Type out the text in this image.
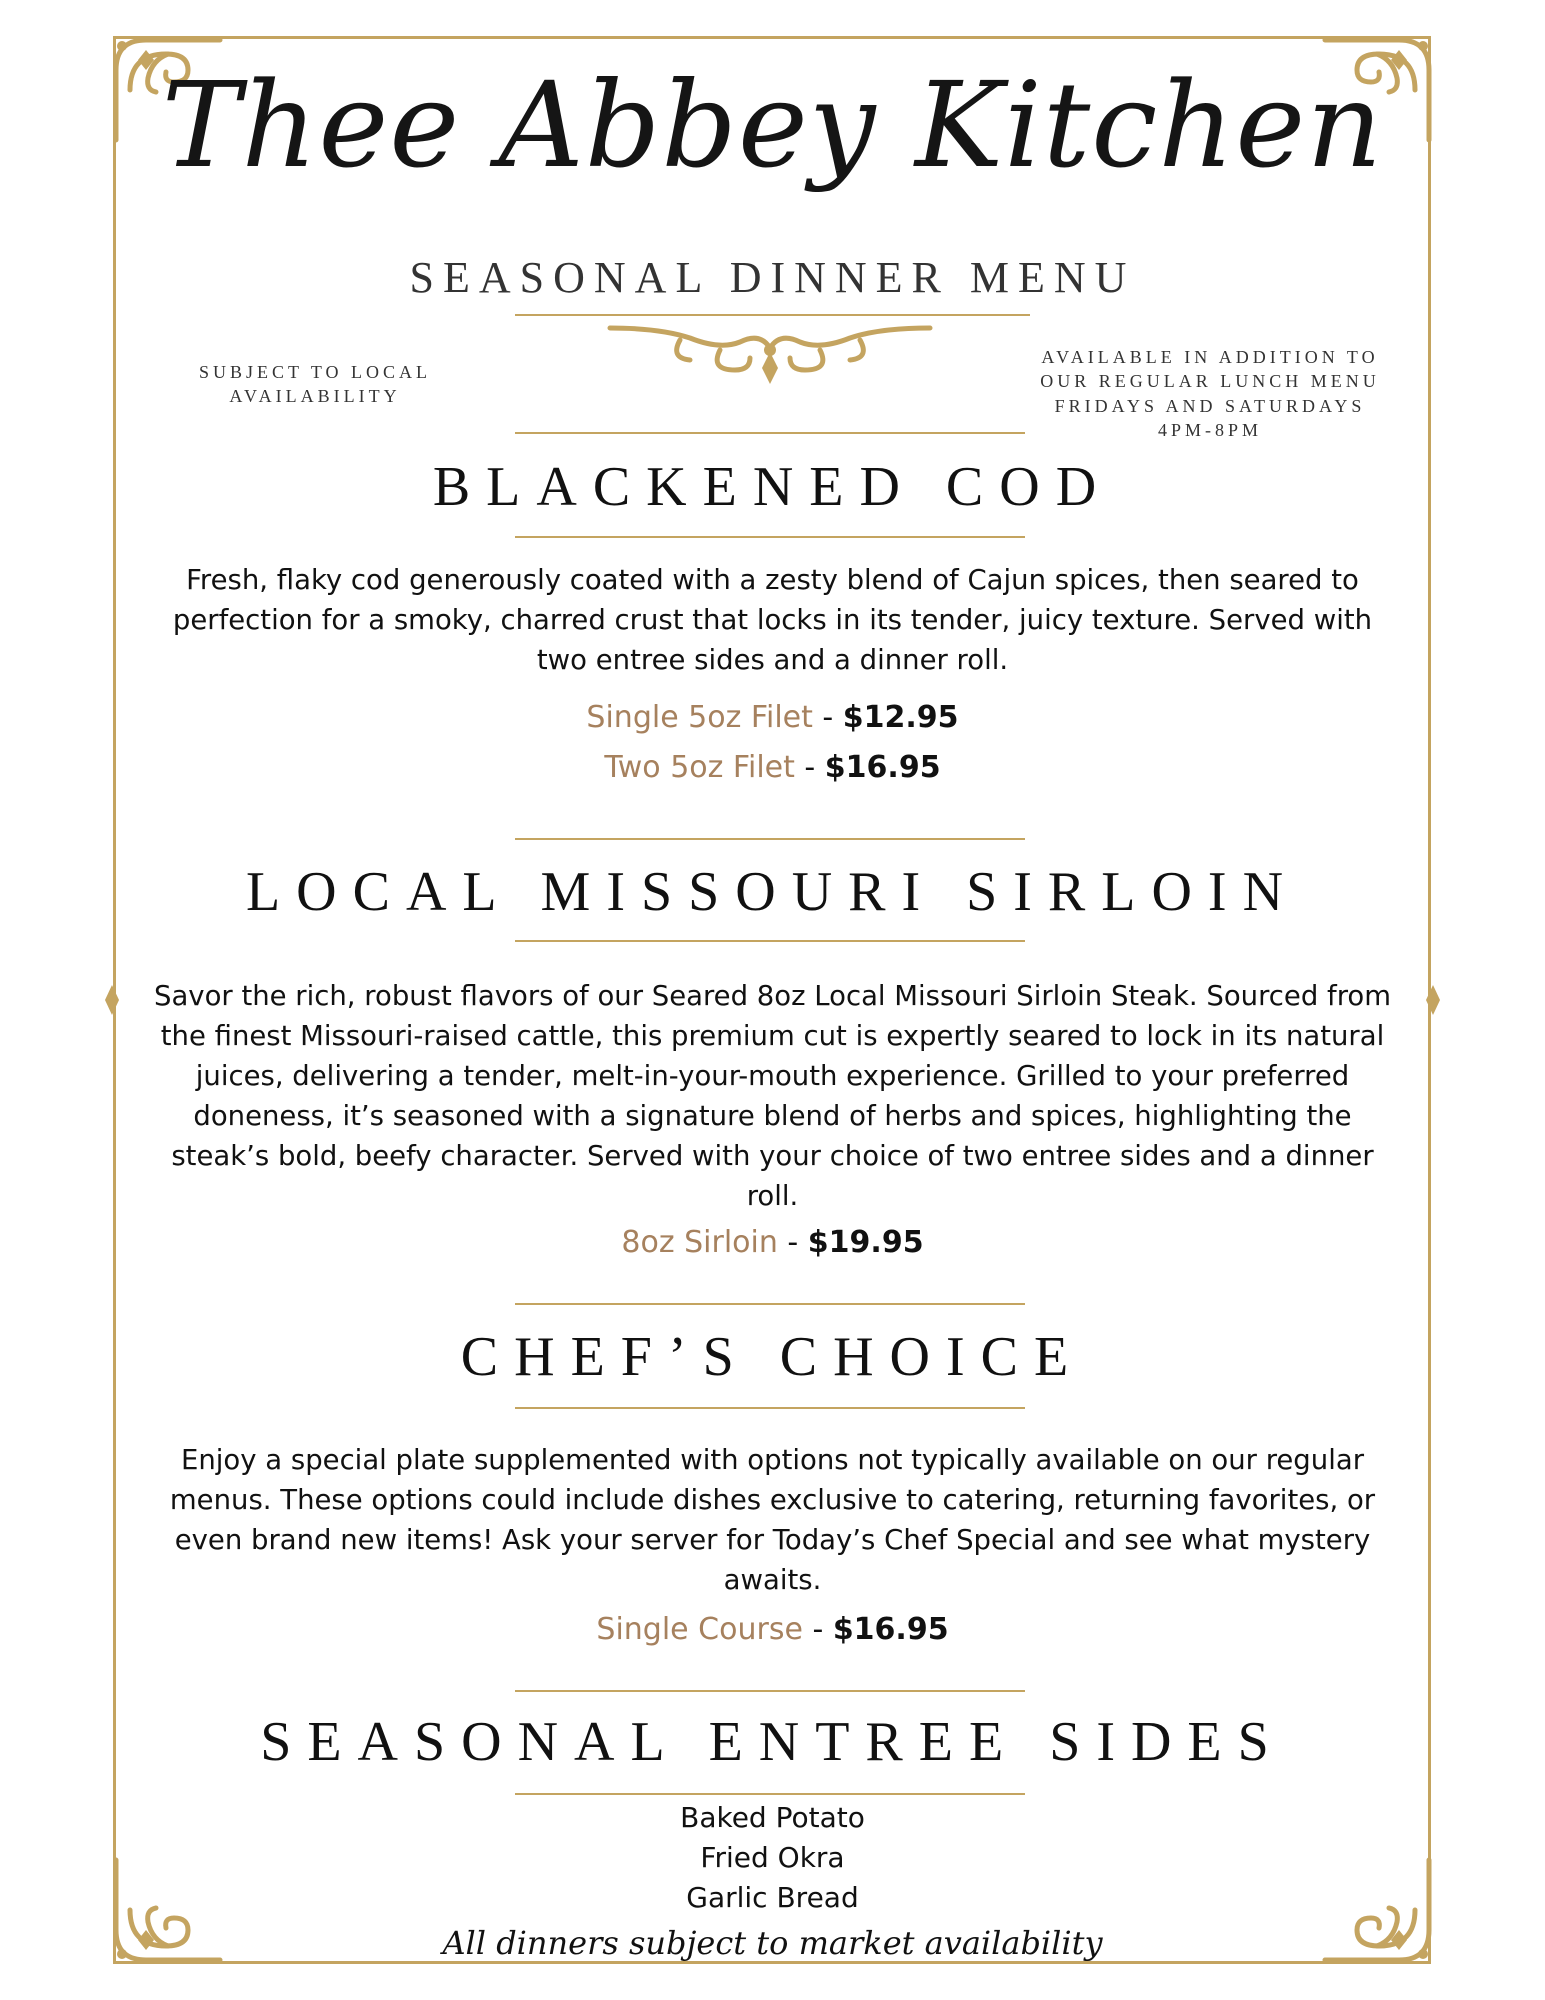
Thee Abbey Kitchen
SEASONAL DINNER MENU
SUBJECT TO LOCAL AVAILABILITY
AVAILABLE IN ADDITION TO OUR REGULAR LUNCH MENU FRIDAYS AND SATURDAYS 4PM-8PM
BLACKENED COD
Fresh, flaky cod generously coated with a zesty blend of Cajun spices, then seared to perfection for a smoky, charred crust that locks in its tender, juicy texture. Served with two entree sides and a dinner roll.
Single 5oz Filet - $12.95
Two 5oz Filet - $16.95
LOCAL MISSOURI SIRLOIN
Savor the rich, robust flavors of our Seared 8oz Local Missouri Sirloin Steak. Sourced from the finest Missouri-raised cattle, this premium cut is expertly seared to lock in its natural juices, delivering a tender, melt-in-your-mouth experience. Grilled to your preferred doneness, it’s seasoned with a signature blend of herbs and spices, highlighting the steak’s bold, beefy character. Served with your choice of two entree sides and a dinner roll.
8oz Sirloin - $19.95
CHEF’S CHOICE
Enjoy a special plate supplemented with options not typically available on our regular menus. These options could include dishes exclusive to catering, returning favorites, or even brand new items! Ask your server for Today’s Chef Special and see what mystery awaits.
Single Course - $16.95
SEASONAL ENTREE SIDES
Baked Potato
Fried Okra
Garlic Bread
All dinners subject to market availability
